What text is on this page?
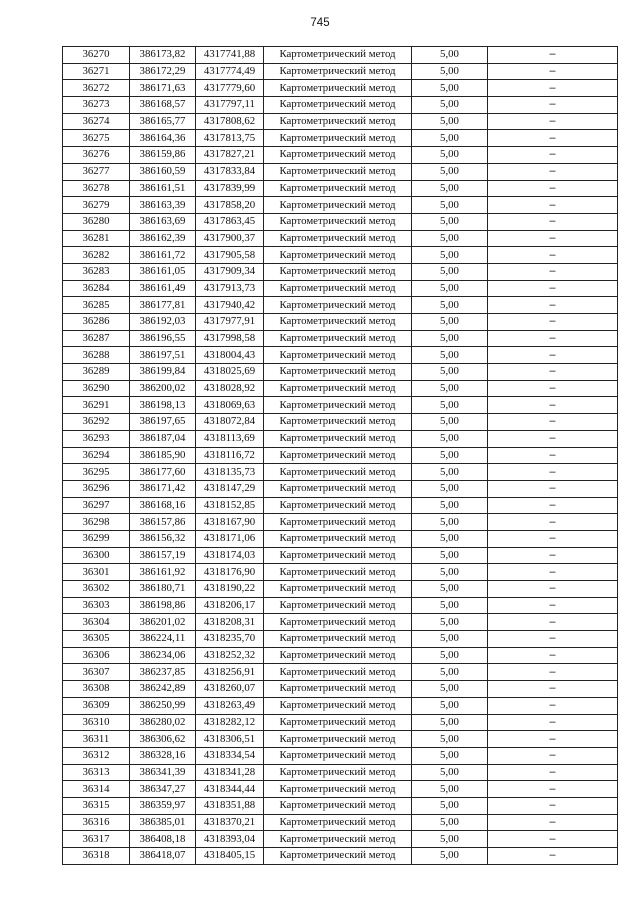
745
36270	386173,82	4317741,88	Картометрический метод	5,00	–
36271	386172,29	4317774,49	Картометрический метод	5,00	–
36272	386171,63	4317779,60	Картометрический метод	5,00	–
36273	386168,57	4317797,11	Картометрический метод	5,00	–
36274	386165,77	4317808,62	Картометрический метод	5,00	–
36275	386164,36	4317813,75	Картометрический метод	5,00	–
36276	386159,86	4317827,21	Картометрический метод	5,00	–
36277	386160,59	4317833,84	Картометрический метод	5,00	–
36278	386161,51	4317839,99	Картометрический метод	5,00	–
36279	386163,39	4317858,20	Картометрический метод	5,00	–
36280	386163,69	4317863,45	Картометрический метод	5,00	–
36281	386162,39	4317900,37	Картометрический метод	5,00	–
36282	386161,72	4317905,58	Картометрический метод	5,00	–
36283	386161,05	4317909,34	Картометрический метод	5,00	–
36284	386161,49	4317913,73	Картометрический метод	5,00	–
36285	386177,81	4317940,42	Картометрический метод	5,00	–
36286	386192,03	4317977,91	Картометрический метод	5,00	–
36287	386196,55	4317998,58	Картометрический метод	5,00	–
36288	386197,51	4318004,43	Картометрический метод	5,00	–
36289	386199,84	4318025,69	Картометрический метод	5,00	–
36290	386200,02	4318028,92	Картометрический метод	5,00	–
36291	386198,13	4318069,63	Картометрический метод	5,00	–
36292	386197,65	4318072,84	Картометрический метод	5,00	–
36293	386187,04	4318113,69	Картометрический метод	5,00	–
36294	386185,90	4318116,72	Картометрический метод	5,00	–
36295	386177,60	4318135,73	Картометрический метод	5,00	–
36296	386171,42	4318147,29	Картометрический метод	5,00	–
36297	386168,16	4318152,85	Картометрический метод	5,00	–
36298	386157,86	4318167,90	Картометрический метод	5,00	–
36299	386156,32	4318171,06	Картометрический метод	5,00	–
36300	386157,19	4318174,03	Картометрический метод	5,00	–
36301	386161,92	4318176,90	Картометрический метод	5,00	–
36302	386180,71	4318190,22	Картометрический метод	5,00	–
36303	386198,86	4318206,17	Картометрический метод	5,00	–
36304	386201,02	4318208,31	Картометрический метод	5,00	–
36305	386224,11	4318235,70	Картометрический метод	5,00	–
36306	386234,06	4318252,32	Картометрический метод	5,00	–
36307	386237,85	4318256,91	Картометрический метод	5,00	–
36308	386242,89	4318260,07	Картометрический метод	5,00	–
36309	386250,99	4318263,49	Картометрический метод	5,00	–
36310	386280,02	4318282,12	Картометрический метод	5,00	–
36311	386306,62	4318306,51	Картометрический метод	5,00	–
36312	386328,16	4318334,54	Картометрический метод	5,00	–
36313	386341,39	4318341,28	Картометрический метод	5,00	–
36314	386347,27	4318344,44	Картометрический метод	5,00	–
36315	386359,97	4318351,88	Картометрический метод	5,00	–
36316	386385,01	4318370,21	Картометрический метод	5,00	–
36317	386408,18	4318393,04	Картометрический метод	5,00	–
36318	386418,07	4318405,15	Картометрический метод	5,00	–
